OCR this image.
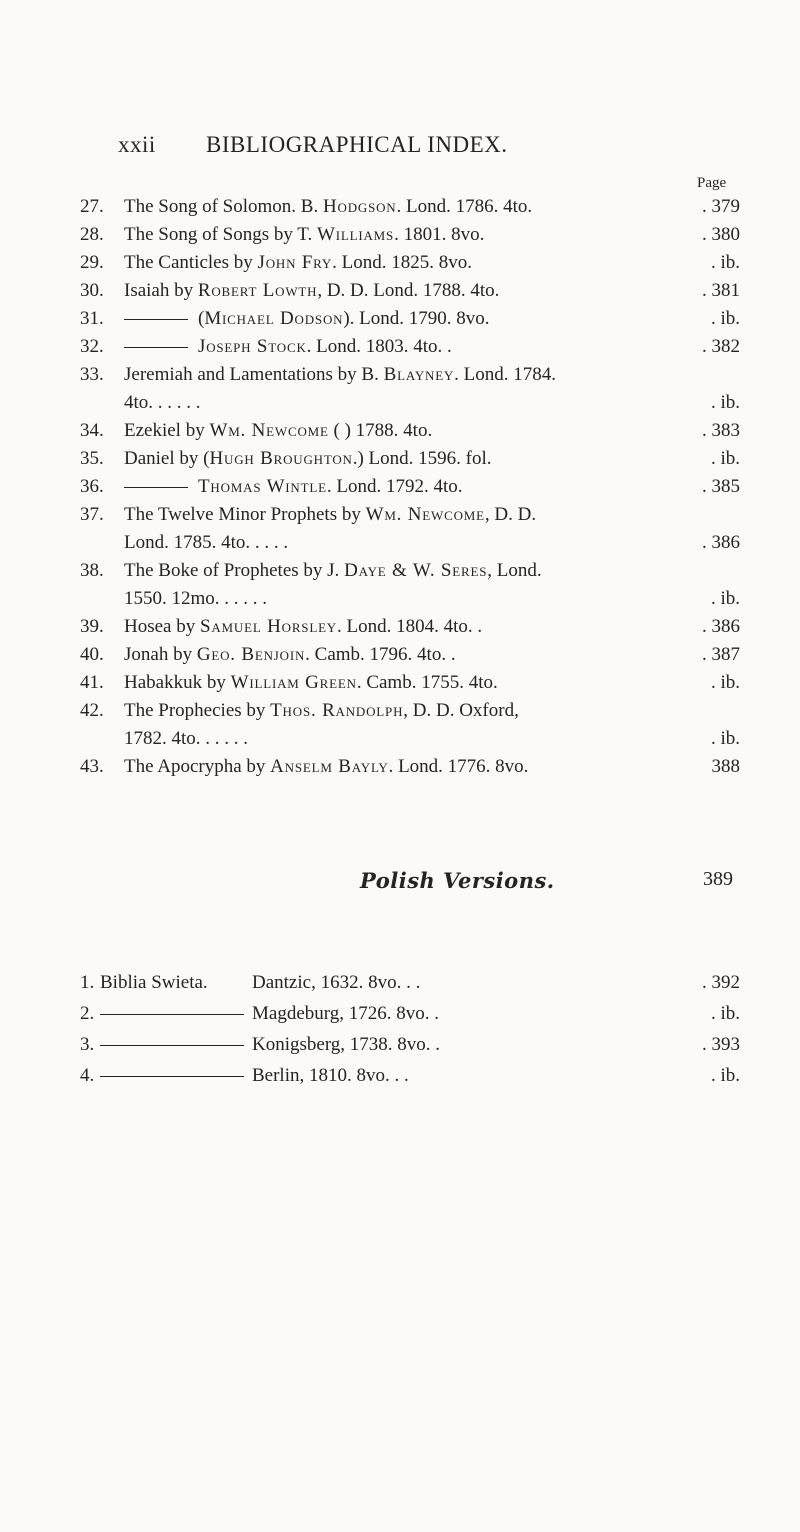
xxii BIBLIOGRAPHICAL INDEX.
Page
27.	The Song of Solomon. B. Hodgson. Lond. 1786. 4to.	. 379
28.	The Song of Songs by T. Williams. 1801. 8vo.	. 380
29.	The Canticles by John Fry. Lond. 1825. 8vo.	. ib.
30.	Isaiah by Robert Lowth, D. D. Lond. 1788. 4to.	. 381
31.	(Michael Dodson). Lond. 1790. 8vo.	. ib.
32.	Joseph Stock. Lond. 1803. 4to. .	. 382
33.	Jeremiah and Lamentations by B. Blayney. Lond. 1784.
4to. . . . . .	. ib.
34.	Ezekiel by Wm. Newcome ( ) 1788. 4to.	. 383
35.	Daniel by (Hugh Broughton.) Lond. 1596. fol.	. ib.
36.	Thomas Wintle. Lond. 1792. 4to.	. 385
37.	The Twelve Minor Prophets by Wm. Newcome, D. D.
Lond. 1785. 4to. . . . .	. 386
38.	The Boke of Prophetes by J. Daye & W. Seres, Lond.
1550. 12mo. . . . . .	. ib.
39.	Hosea by Samuel Horsley. Lond. 1804. 4to. .	. 386
40.	Jonah by Geo. Benjoin. Camb. 1796. 4to. .	. 387
41.	Habakkuk by William Green. Camb. 1755. 4to.	. ib.
42.	The Prophecies by Thos. Randolph, D. D. Oxford,
1782. 4to. . . . . .	. ib.
43.	The Apocrypha by Anselm Bayly. Lond. 1776. 8vo.	388
Polish Versions.	389
1. Biblia Swieta.	Dantzic, 1632. 8vo. . .	. 392
2.	Magdeburg, 1726. 8vo. .	. ib.
3.	Konigsberg, 1738. 8vo. .	. 393
4.	Berlin, 1810. 8vo. . .	. ib.
